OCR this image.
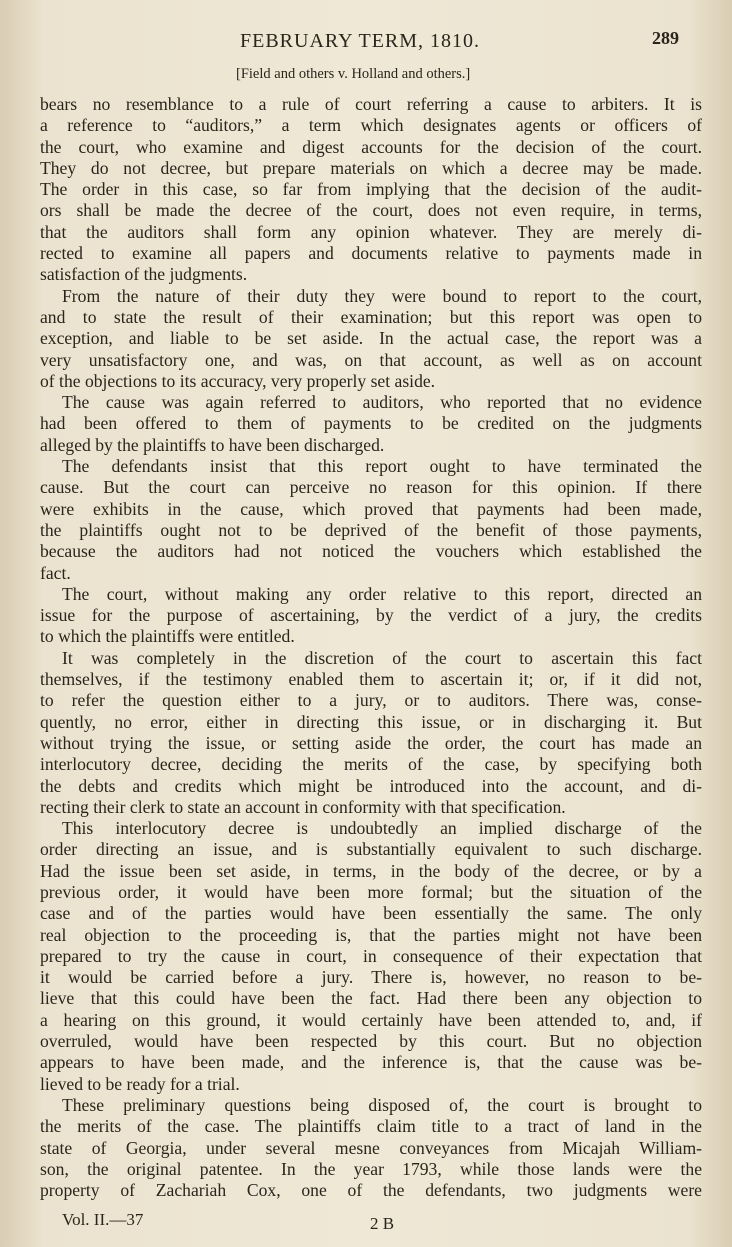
FEBRUARY TERM, 1810.	289
[Field and others v. Holland and others.]
bears no resemblance to a rule of court referring a cause to arbiters. It is
a reference to “auditors,” a term which designates agents or officers of
the court, who examine and digest accounts for the decision of the court.
They do not decree, but prepare materials on which a decree may be made.
The order in this case, so far from implying that the decision of the audit-
ors shall be made the decree of the court, does not even require, in terms,
that the auditors shall form any opinion whatever. They are merely di-
rected to examine all papers and documents relative to payments made in
satisfaction of the judgments.
From the nature of their duty they were bound to report to the court,
and to state the result of their examination; but this report was open to
exception, and liable to be set aside. In the actual case, the report was a
very unsatisfactory one, and was, on that account, as well as on account
of the objections to its accuracy, very properly set aside.
The cause was again referred to auditors, who reported that no evidence
had been offered to them of payments to be credited on the judgments
alleged by the plaintiffs to have been discharged.
The defendants insist that this report ought to have terminated the
cause. But the court can perceive no reason for this opinion. If there
were exhibits in the cause, which proved that payments had been made,
the plaintiffs ought not to be deprived of the benefit of those payments,
because the auditors had not noticed the vouchers which established the
fact.
The court, without making any order relative to this report, directed an
issue for the purpose of ascertaining, by the verdict of a jury, the credits
to which the plaintiffs were entitled.
It was completely in the discretion of the court to ascertain this fact
themselves, if the testimony enabled them to ascertain it; or, if it did not,
to refer the question either to a jury, or to auditors. There was, conse-
quently, no error, either in directing this issue, or in discharging it. But
without trying the issue, or setting aside the order, the court has made an
interlocutory decree, deciding the merits of the case, by specifying both
the debts and credits which might be introduced into the account, and di-
recting their clerk to state an account in conformity with that specification.
This interlocutory decree is undoubtedly an implied discharge of the
order directing an issue, and is substantially equivalent to such discharge.
Had the issue been set aside, in terms, in the body of the decree, or by a
previous order, it would have been more formal; but the situation of the
case and of the parties would have been essentially the same. The only
real objection to the proceeding is, that the parties might not have been
prepared to try the cause in court, in consequence of their expectation that
it would be carried before a jury. There is, however, no reason to be-
lieve that this could have been the fact. Had there been any objection to
a hearing on this ground, it would certainly have been attended to, and, if
overruled, would have been respected by this court. But no objection
appears to have been made, and the inference is, that the cause was be-
lieved to be ready for a trial.
These preliminary questions being disposed of, the court is brought to
the merits of the case. The plaintiffs claim title to a tract of land in the
state of Georgia, under several mesne conveyances from Micajah William-
son, the original patentee. In the year 1793, while those lands were the
property of Zachariah Cox, one of the defendants, two judgments were
Vol. II.—37	2 B
